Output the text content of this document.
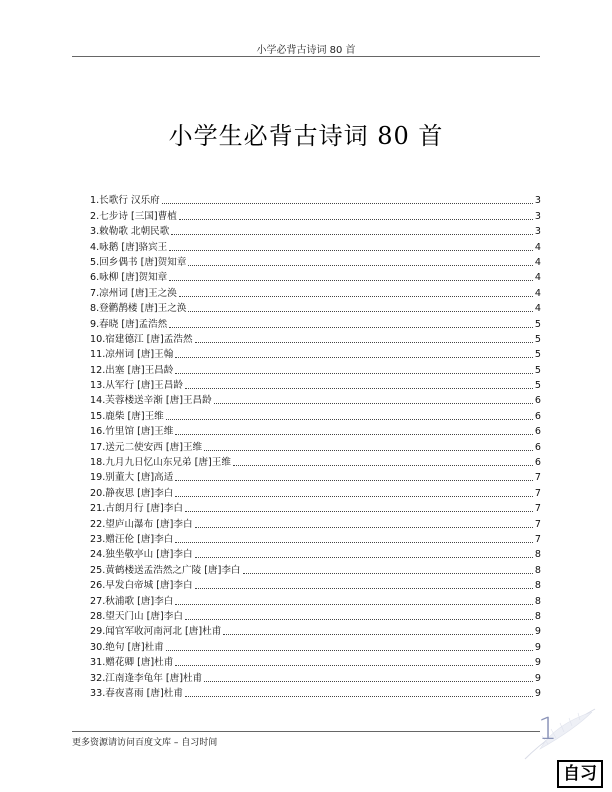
小学必背古诗词 80 首
小学生必背古诗词 80 首
1.长歌行 汉乐府	3
2.七步诗 [三国]曹植	3
3.敕勒歌 北朝民歌	3
4.咏鹅 [唐]骆宾王	4
5.回乡偶书 [唐]贺知章	4
6.咏柳 [唐]贺知章	4
7.凉州词 [唐]王之涣	4
8.登鹳鹊楼 [唐]王之涣	4
9.春晓 [唐]孟浩然	5
10.宿建德江 [唐]孟浩然	5
11.凉州词 [唐]王翰	5
12.出塞 [唐]王昌龄	5
13.从军行 [唐]王昌龄	5
14.芙蓉楼送辛渐 [唐]王昌龄	6
15.鹿柴 [唐]王维	6
16.竹里馆 [唐]王维	6
17.送元二使安西 [唐]王维	6
18.九月九日忆山东兄弟 [唐]王维	6
19.别董大 [唐]高适	7
20.静夜思 [唐]李白	7
21.古朗月行 [唐]李白	7
22.望庐山瀑布 [唐]李白	7
23.赠汪伦 [唐]李白	7
24.独坐敬亭山 [唐]李白	8
25.黄鹤楼送孟浩然之广陵 [唐]李白	8
26.早发白帝城 [唐]李白	8
27.秋浦歌 [唐]李白	8
28.望天门山 [唐]李白	8
29.闻官军收河南河北 [唐]杜甫	9
30.绝句 [唐]杜甫	9
31.赠花卿 [唐]杜甫	9
32.江南逢李龟年 [唐]杜甫	9
33.春夜喜雨 [唐]杜甫	9
更多资源请访问百度文库 – 自习时间	1
自习
